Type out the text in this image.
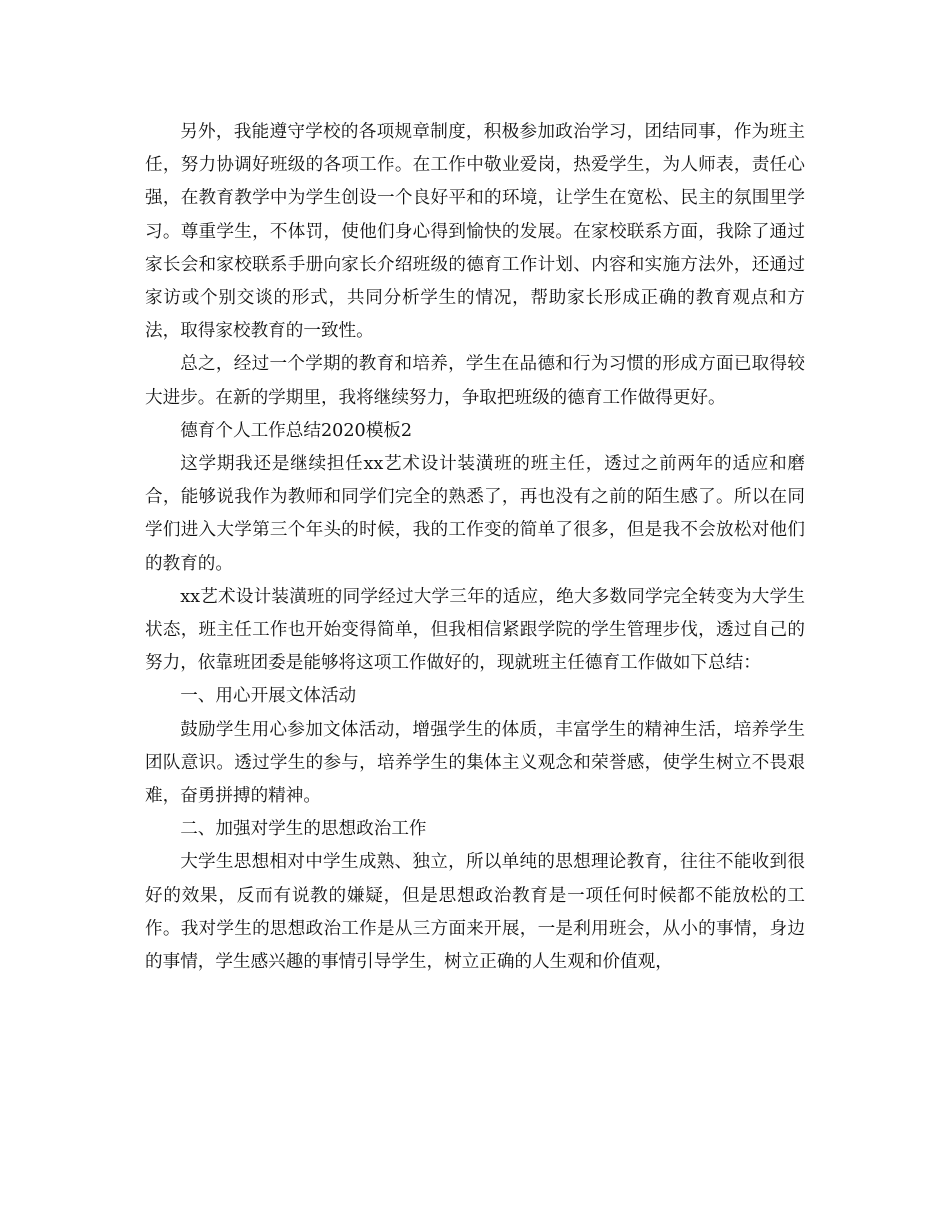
另外，我能遵守学校的各项规章制度，积极参加政治学习，团结同事，作为班主任，努力协调好班级的各项工作。在工作中敬业爱岗，热爱学生，为人师表，责任心强，在教育教学中为学生创设一个良好平和的环境，让学生在宽松、民主的氛围里学习。尊重学生，不体罚，使他们身心得到愉快的发展。在家校联系方面，我除了通过家长会和家校联系手册向家长介绍班级的德育工作计划、内容和实施方法外，还通过家访或个别交谈的形式，共同分析学生的情况，帮助家长形成正确的教育观点和方法，取得家校教育的一致性。

总之，经过一个学期的教育和培养，学生在品德和行为习惯的形成方面已取得较大进步。在新的学期里，我将继续努力，争取把班级的德育工作做得更好。

德育个人工作总结2020模板2

这学期我还是继续担任xx艺术设计装潢班的班主任，透过之前两年的适应和磨合，能够说我作为教师和同学们完全的熟悉了，再也没有之前的陌生感了。所以在同学们进入大学第三个年头的时候，我的工作变的简单了很多，但是我不会放松对他们的教育的。

xx艺术设计装潢班的同学经过大学三年的适应，绝大多数同学完全转变为大学生状态，班主任工作也开始变得简单，但我相信紧跟学院的学生管理步伐，透过自己的努力，依靠班团委是能够将这项工作做好的，现就班主任德育工作做如下总结：

一、用心开展文体活动

鼓励学生用心参加文体活动，增强学生的体质，丰富学生的精神生活，培养学生团队意识。透过学生的参与，培养学生的集体主义观念和荣誉感，使学生树立不畏艰难，奋勇拼搏的精神。

二、加强对学生的思想政治工作

大学生思想相对中学生成熟、独立，所以单纯的思想理论教育，往往不能收到很好的效果，反而有说教的嫌疑，但是思想政治教育是一项任何时候都不能放松的工作。我对学生的思想政治工作是从三方面来开展，一是利用班会，从小的事情，身边的事情，学生感兴趣的事情引导学生，树立正确的人生观和价值观，
